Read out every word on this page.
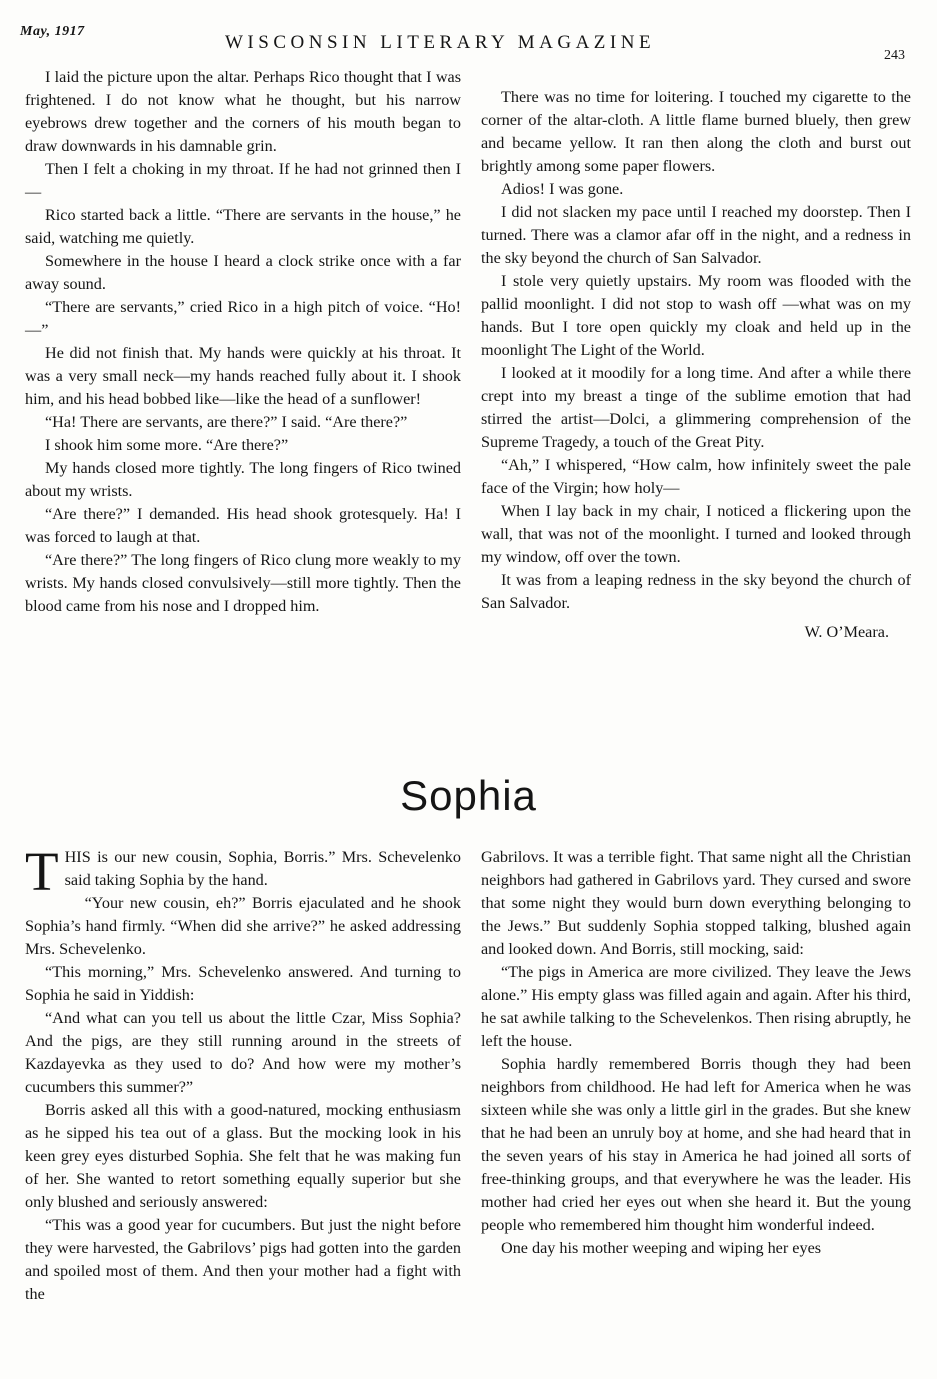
May, 1917
WISCONSIN LITERARY MAGAZINE
243

I laid the picture upon the altar. Perhaps Rico thought that I was frightened. I do not know what he thought, but his narrow eyebrows drew together and the corners of his mouth began to draw downwards in his damnable grin.

Then I felt a choking in my throat. If he had not grinned then I—

Rico started back a little. “There are servants in the house,” he said, watching me quietly.

Somewhere in the house I heard a clock strike once with a far away sound.

“There are servants,” cried Rico in a high pitch of voice. “Ho! —”

He did not finish that. My hands were quickly at his throat. It was a very small neck—my hands reached fully about it. I shook him, and his head bobbed like—like the head of a sunflower!

“Ha! There are servants, are there?” I said. “Are there?”

I shook him some more. “Are there?”

My hands closed more tightly. The long fingers of Rico twined about my wrists.

“Are there?” I demanded. His head shook grotesquely. Ha! I was forced to laugh at that.

“Are there?” The long fingers of Rico clung more weakly to my wrists. My hands closed convulsively—still more tightly. Then the blood came from his nose and I dropped him.

There was no time for loitering. I touched my cigarette to the corner of the altar-cloth. A little flame burned bluely, then grew and became yellow. It ran then along the cloth and burst out brightly among some paper flowers.

Adios! I was gone.

I did not slacken my pace until I reached my doorstep. Then I turned. There was a clamor afar off in the night, and a redness in the sky beyond the church of San Salvador.

I stole very quietly upstairs. My room was flooded with the pallid moonlight. I did not stop to wash off —what was on my hands. But I tore open quickly my cloak and held up in the moonlight The Light of the World.

I looked at it moodily for a long time. And after a while there crept into my breast a tinge of the sublime emotion that had stirred the artist—Dolci, a glimmering comprehension of the Supreme Tragedy, a touch of the Great Pity.

“Ah,” I whispered, “How calm, how infinitely sweet the pale face of the Virgin; how holy—

When I lay back in my chair, I noticed a flickering upon the wall, that was not of the moonlight. I turned and looked through my window, off over the town.

It was from a leaping redness in the sky beyond the church of San Salvador.

W. O’Meara.
Sophia

THIS is our new cousin, Sophia, Borris.” Mrs. Schevelenko said taking Sophia by the hand.

“Your new cousin, eh?” Borris ejaculated and he shook Sophia’s hand firmly. “When did she arrive?” he asked addressing Mrs. Schevelenko.

“This morning,” Mrs. Schevelenko answered. And turning to Sophia he said in Yiddish:

“And what can you tell us about the little Czar, Miss Sophia? And the pigs, are they still running around in the streets of Kazdayevka as they used to do? And how were my mother’s cucumbers this summer?”

Borris asked all this with a good-natured, mocking enthusiasm as he sipped his tea out of a glass. But the mocking look in his keen grey eyes disturbed Sophia. She felt that he was making fun of her. She wanted to retort something equally superior but she only blushed and seriously answered:

“This was a good year for cucumbers. But just the night before they were harvested, the Gabrilovs’ pigs had gotten into the garden and spoiled most of them. And then your mother had a fight with the

Gabrilovs. It was a terrible fight. That same night all the Christian neighbors had gathered in Gabrilovs yard. They cursed and swore that some night they would burn down everything belonging to the Jews.” But suddenly Sophia stopped talking, blushed again and looked down. And Borris, still mocking, said:

“The pigs in America are more civilized. They leave the Jews alone.” His empty glass was filled again and again. After his third, he sat awhile talking to the Schevelenkos. Then rising abruptly, he left the house.

Sophia hardly remembered Borris though they had been neighbors from childhood. He had left for America when he was sixteen while she was only a little girl in the grades. But she knew that he had been an unruly boy at home, and she had heard that in the seven years of his stay in America he had joined all sorts of free-thinking groups, and that everywhere he was the leader. His mother had cried her eyes out when she heard it. But the young people who remembered him thought him wonderful indeed.

One day his mother weeping and wiping her eyes
